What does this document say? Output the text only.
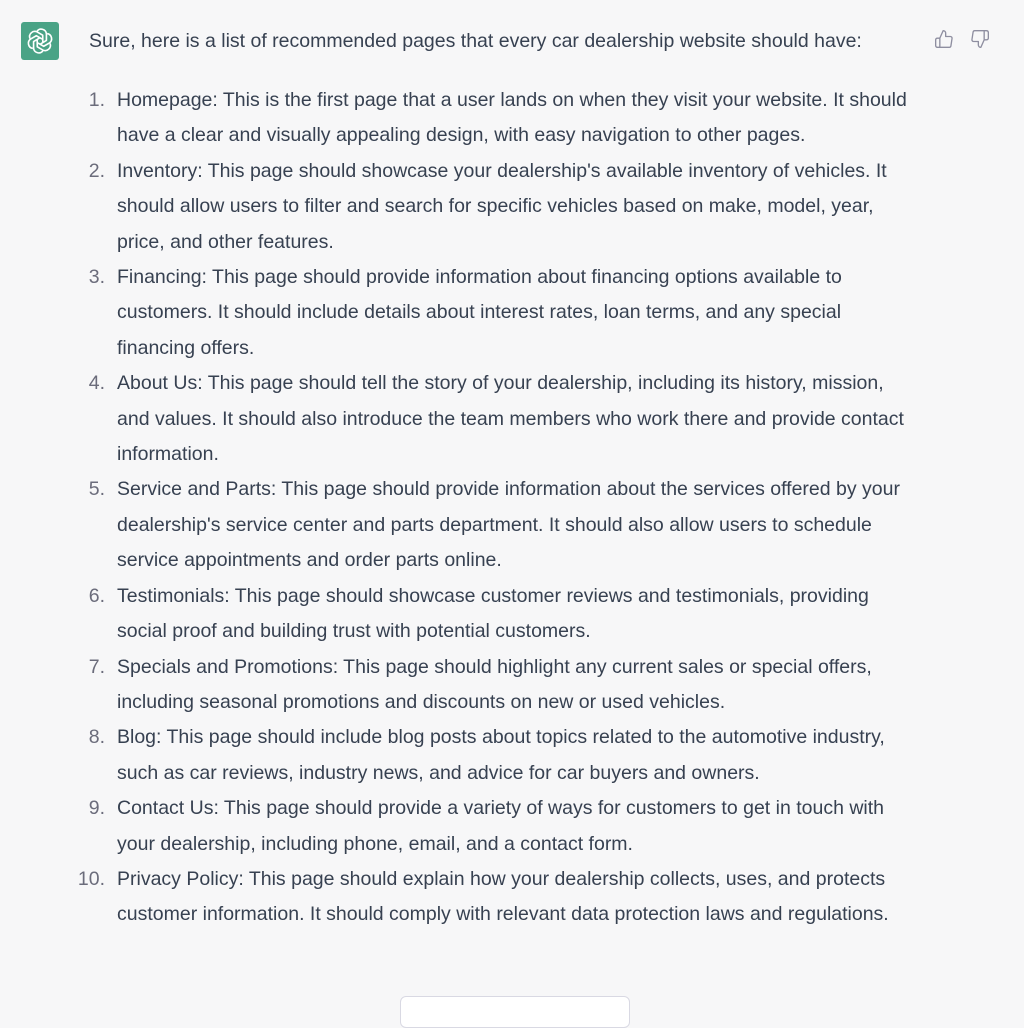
Sure, here is a list of recommended pages that every car dealership website should have:

1. Homepage: This is the first page that a user lands on when they visit your website. It should have a clear and visually appealing design, with easy navigation to other pages.
2. Inventory: This page should showcase your dealership's available inventory of vehicles. It should allow users to filter and search for specific vehicles based on make, model, year, price, and other features.
3. Financing: This page should provide information about financing options available to customers. It should include details about interest rates, loan terms, and any special financing offers.
4. About Us: This page should tell the story of your dealership, including its history, mission, and values. It should also introduce the team members who work there and provide contact information.
5. Service and Parts: This page should provide information about the services offered by your dealership's service center and parts department. It should also allow users to schedule service appointments and order parts online.
6. Testimonials: This page should showcase customer reviews and testimonials, providing social proof and building trust with potential customers.
7. Specials and Promotions: This page should highlight any current sales or special offers, including seasonal promotions and discounts on new or used vehicles.
8. Blog: This page should include blog posts about topics related to the automotive industry, such as car reviews, industry news, and advice for car buyers and owners.
9. Contact Us: This page should provide a variety of ways for customers to get in touch with your dealership, including phone, email, and a contact form.
10. Privacy Policy: This page should explain how your dealership collects, uses, and protects customer information. It should comply with relevant data protection laws and regulations.
